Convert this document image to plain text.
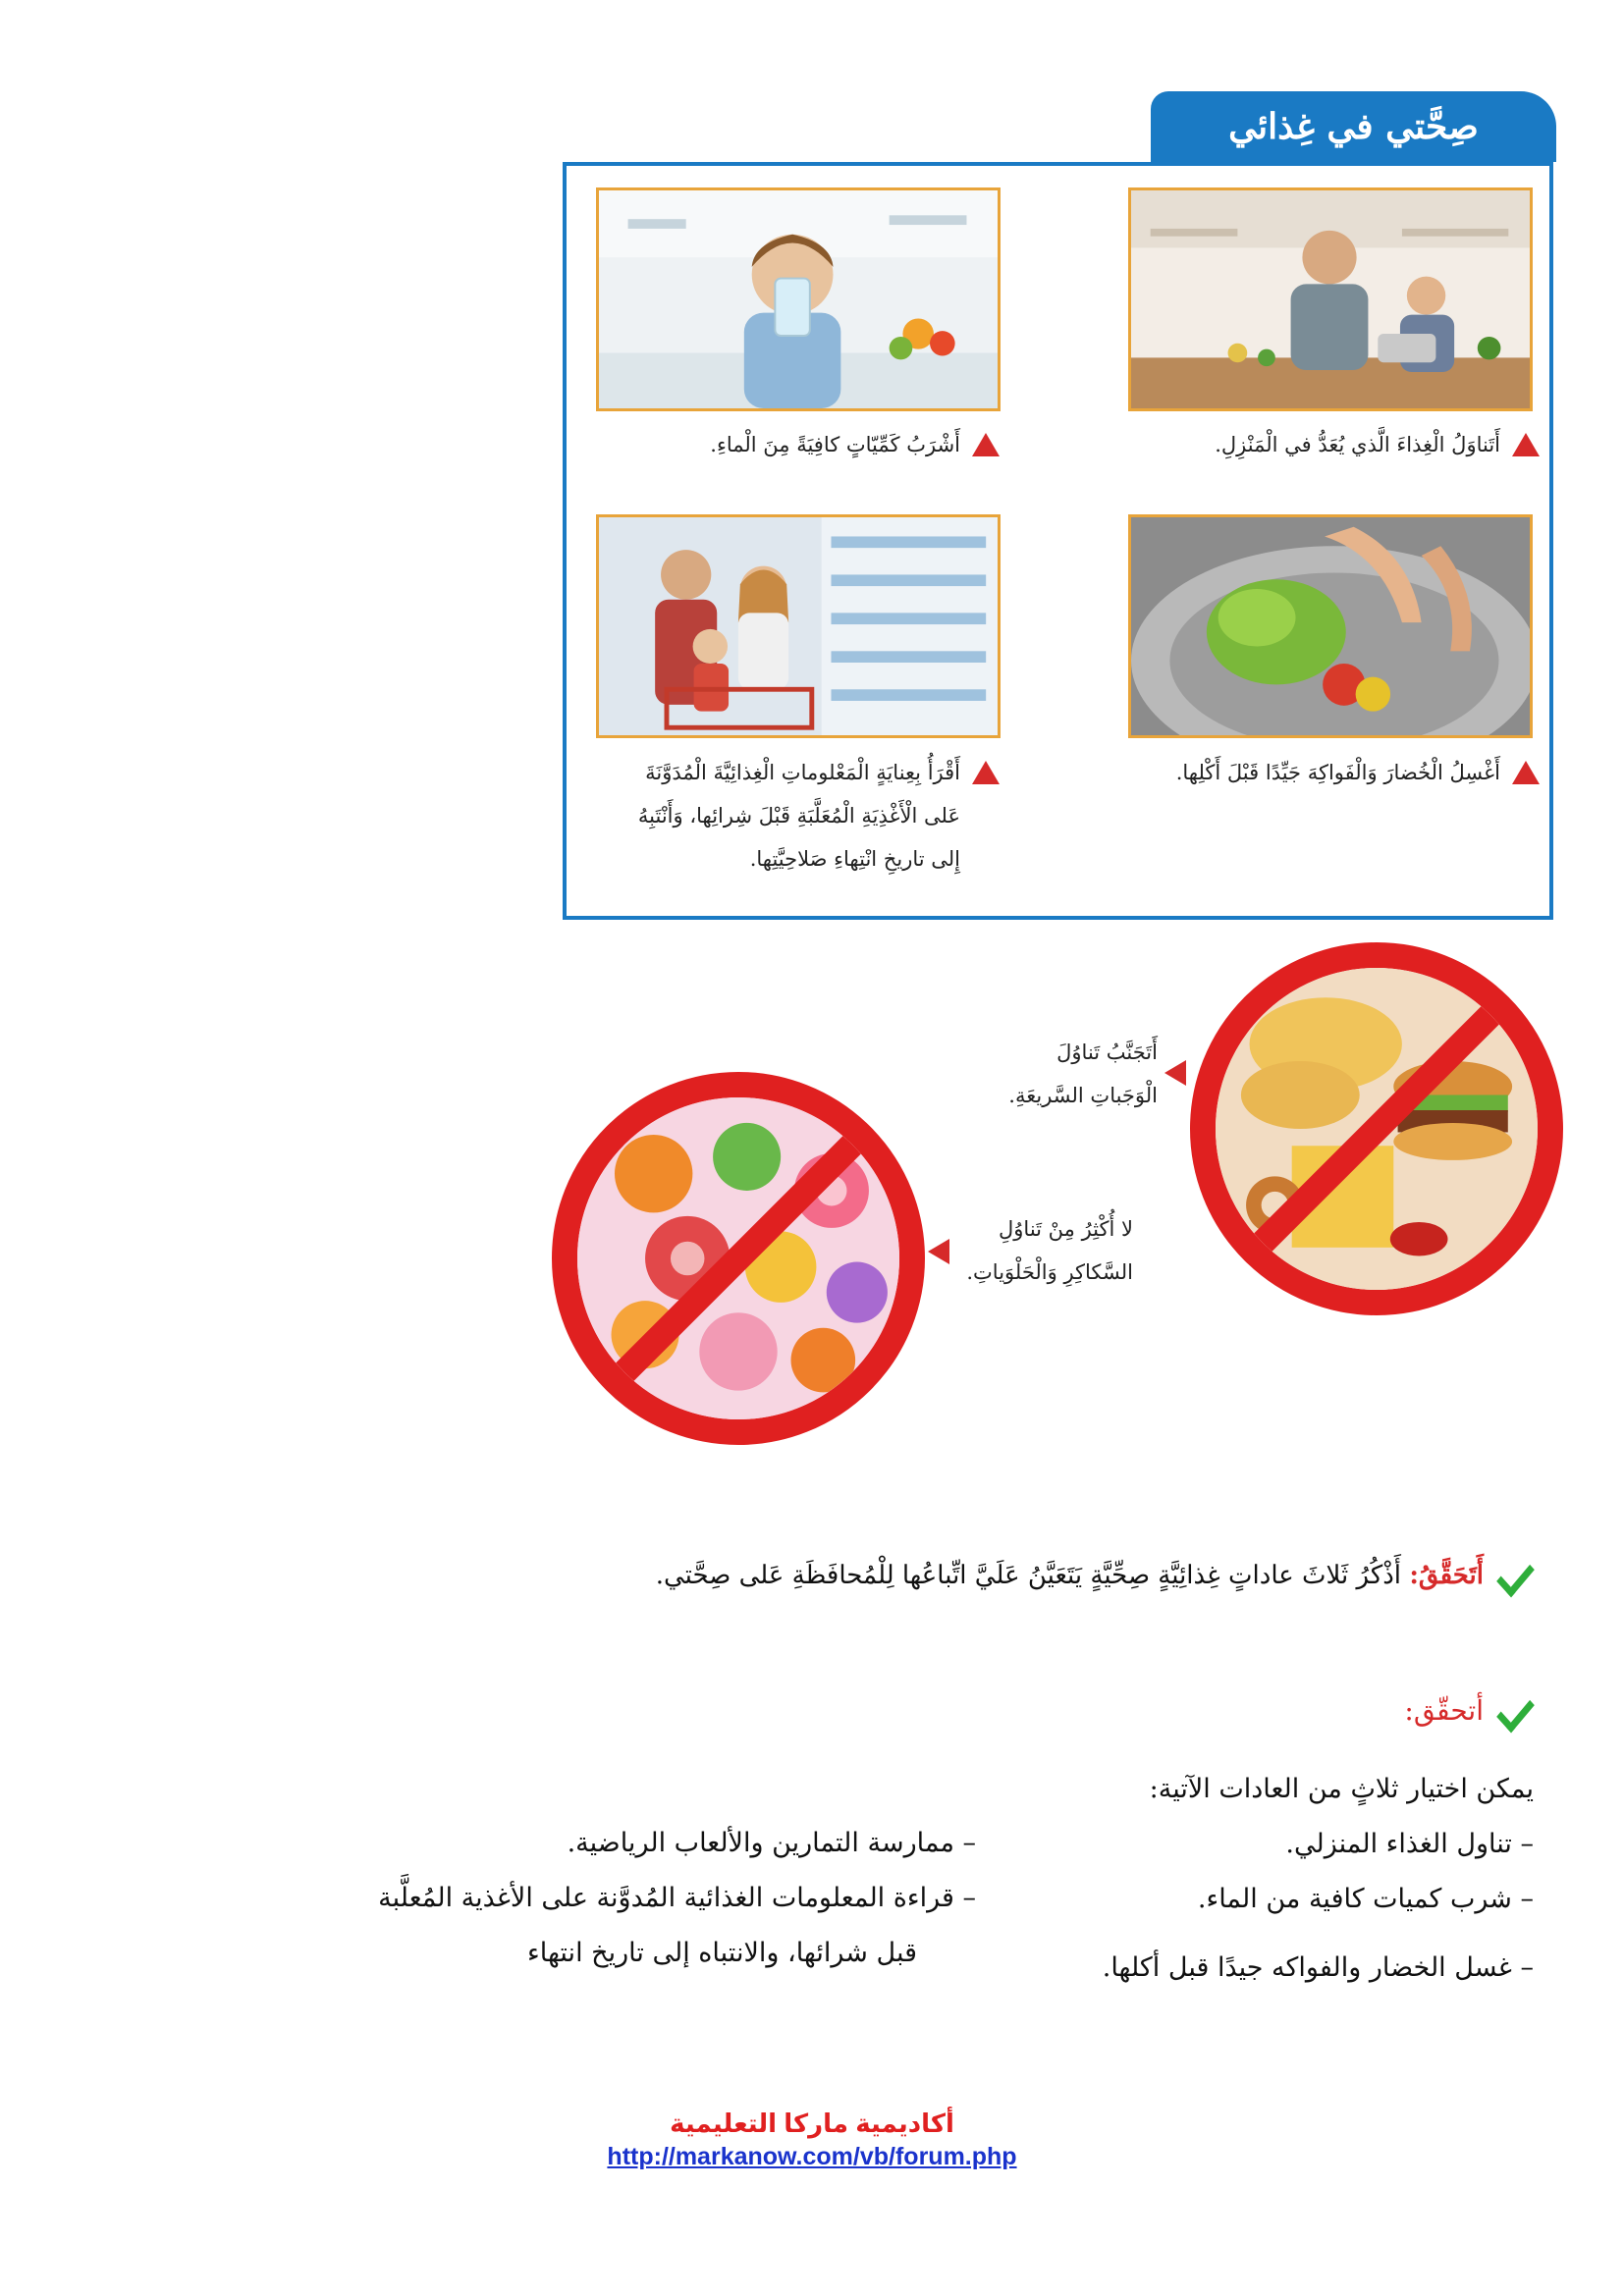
صِحَّتي في غِذائي
أَتَناوَلُ الْغِذاءَ الَّذي يُعَدُّ في الْمَنْزِلِ.
أَشْرَبُ كَمِّيّاتٍ كافِيَةً مِنَ الْماءِ.
أَغْسِلُ الْخُضارَ وَالْفَواكِهَ جَيِّدًا قَبْلَ أَكْلِها.
أَقْرَأُ بِعِنايَةٍ الْمَعْلوماتِ الْغِذائِيَّةَ الْمُدَوَّنَةَ
عَلى الْأَغْذِيَةِ الْمُعَلَّبَةِ قَبْلَ شِرائِها، وَأَنْتَبِهُ
إِلى تاريخِ انْتِهاءِ صَلاحِيَّتِها.
أَتَجَنَّبُ تَناوُلَ
الْوَجَباتِ السَّريعَةِ.
لا أُكْثِرُ مِنْ تَناوُلِ
السَّكاكِرِ وَالْحَلْوَياتِ.
أَتَحَقَّقُ:

أَذْكُرُ ثَلاثَ عاداتٍ غِذائِيَّةٍ صِحِّيَّةٍ يَتَعَيَّنُ عَلَيَّ اتِّباعُها لِلْمُحافَظَةِ عَلى صِحَّتي.
أتحقّق:
يمكن اختيار ثلاثٍ من العادات الآتية:
– تناول الغذاء المنزلي.
– شرب كميات كافية من الماء.
– غسل الخضار والفواكه جيدًا قبل أكلها.
– ممارسة التمارين والألعاب الرياضية.
– قراءة المعلومات الغذائية المُدوَّنة على الأغذية المُعلَّبة
قبل شرائها، والانتباه إلى تاريخ انتهاء
أكاديمية ماركا التعليمية
http://markanow.com/vb/forum.php
